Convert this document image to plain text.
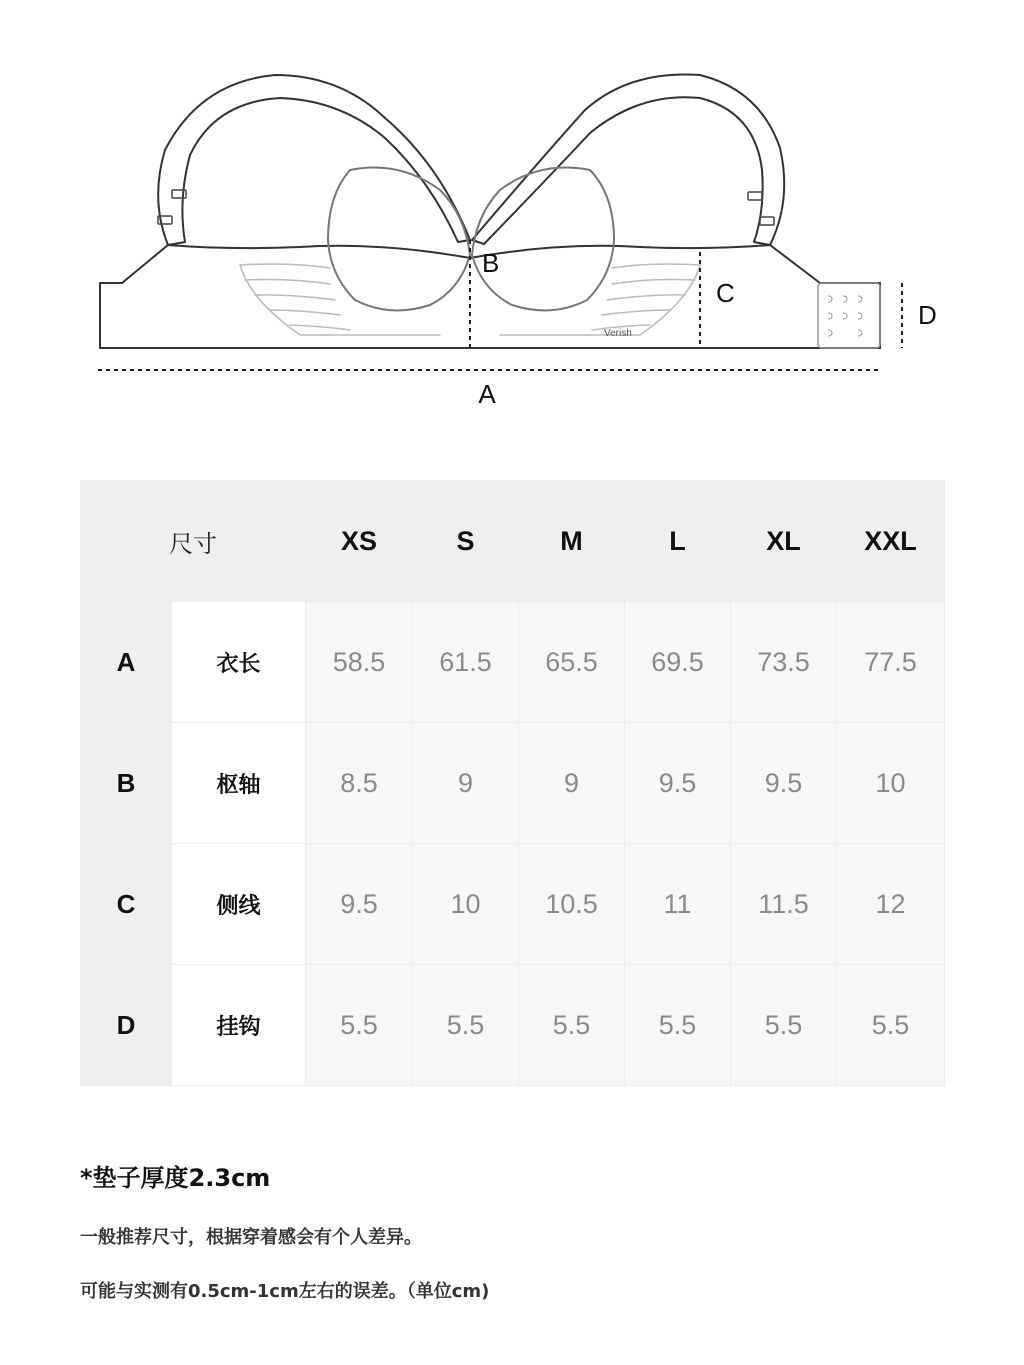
Verish
A
B
C
D
尺寸		XS	S	M	L	XL	XXL
A	衣长	58.5	61.5	65.5	69.5	73.5	77.5
B	枢轴	8.5	9	9	9.5	9.5	10
C	侧线	9.5	10	10.5	11	11.5	12
D	挂钩	5.5	5.5	5.5	5.5	5.5	5.5

*垫子厚度2.3cm

一般推荐尺寸，根据穿着感会有个人差异。

可能与实测有0.5cm-1cm左右的误差。（单位cm)
